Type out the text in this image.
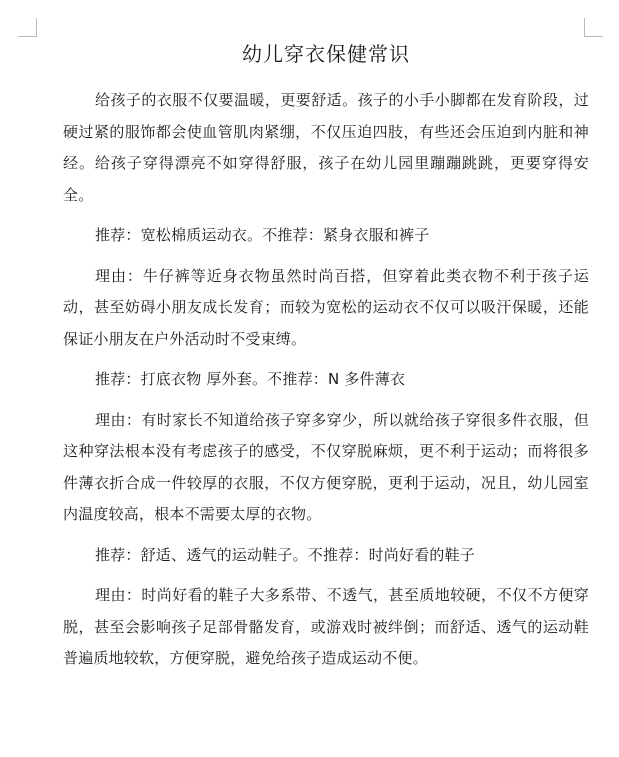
幼儿穿衣保健常识

给孩子的衣服不仅要温暖，更要舒适。孩子的小手小脚都在发育阶段，过硬过紧的服饰都会使血管肌肉紧绷，不仅压迫四肢，有些还会压迫到内脏和神经。给孩子穿得漂亮不如穿得舒服，孩子在幼儿园里蹦蹦跳跳，更要穿得安全。

推荐：宽松棉质运动衣。不推荐：紧身衣服和裤子

理由：牛仔裤等近身衣物虽然时尚百搭，但穿着此类衣物不利于孩子运动，甚至妨碍小朋友成长发育；而较为宽松的运动衣不仅可以吸汗保暖，还能保证小朋友在户外活动时不受束缚。

推荐：打底衣物 厚外套。不推荐：N 多件薄衣

理由：有时家长不知道给孩子穿多穿少，所以就给孩子穿很多件衣服，但这种穿法根本没有考虑孩子的感受，不仅穿脱麻烦，更不利于运动；而将很多件薄衣折合成一件较厚的衣服，不仅方便穿脱，更利于运动，况且，幼儿园室内温度较高，根本不需要太厚的衣物。

推荐：舒适、透气的运动鞋子。不推荐：时尚好看的鞋子

理由：时尚好看的鞋子大多系带、不透气，甚至质地较硬，不仅不方便穿脱，甚至会影响孩子足部骨骼发育，或游戏时被绊倒；而舒适、透气的运动鞋普遍质地较软，方便穿脱，避免给孩子造成运动不便。
